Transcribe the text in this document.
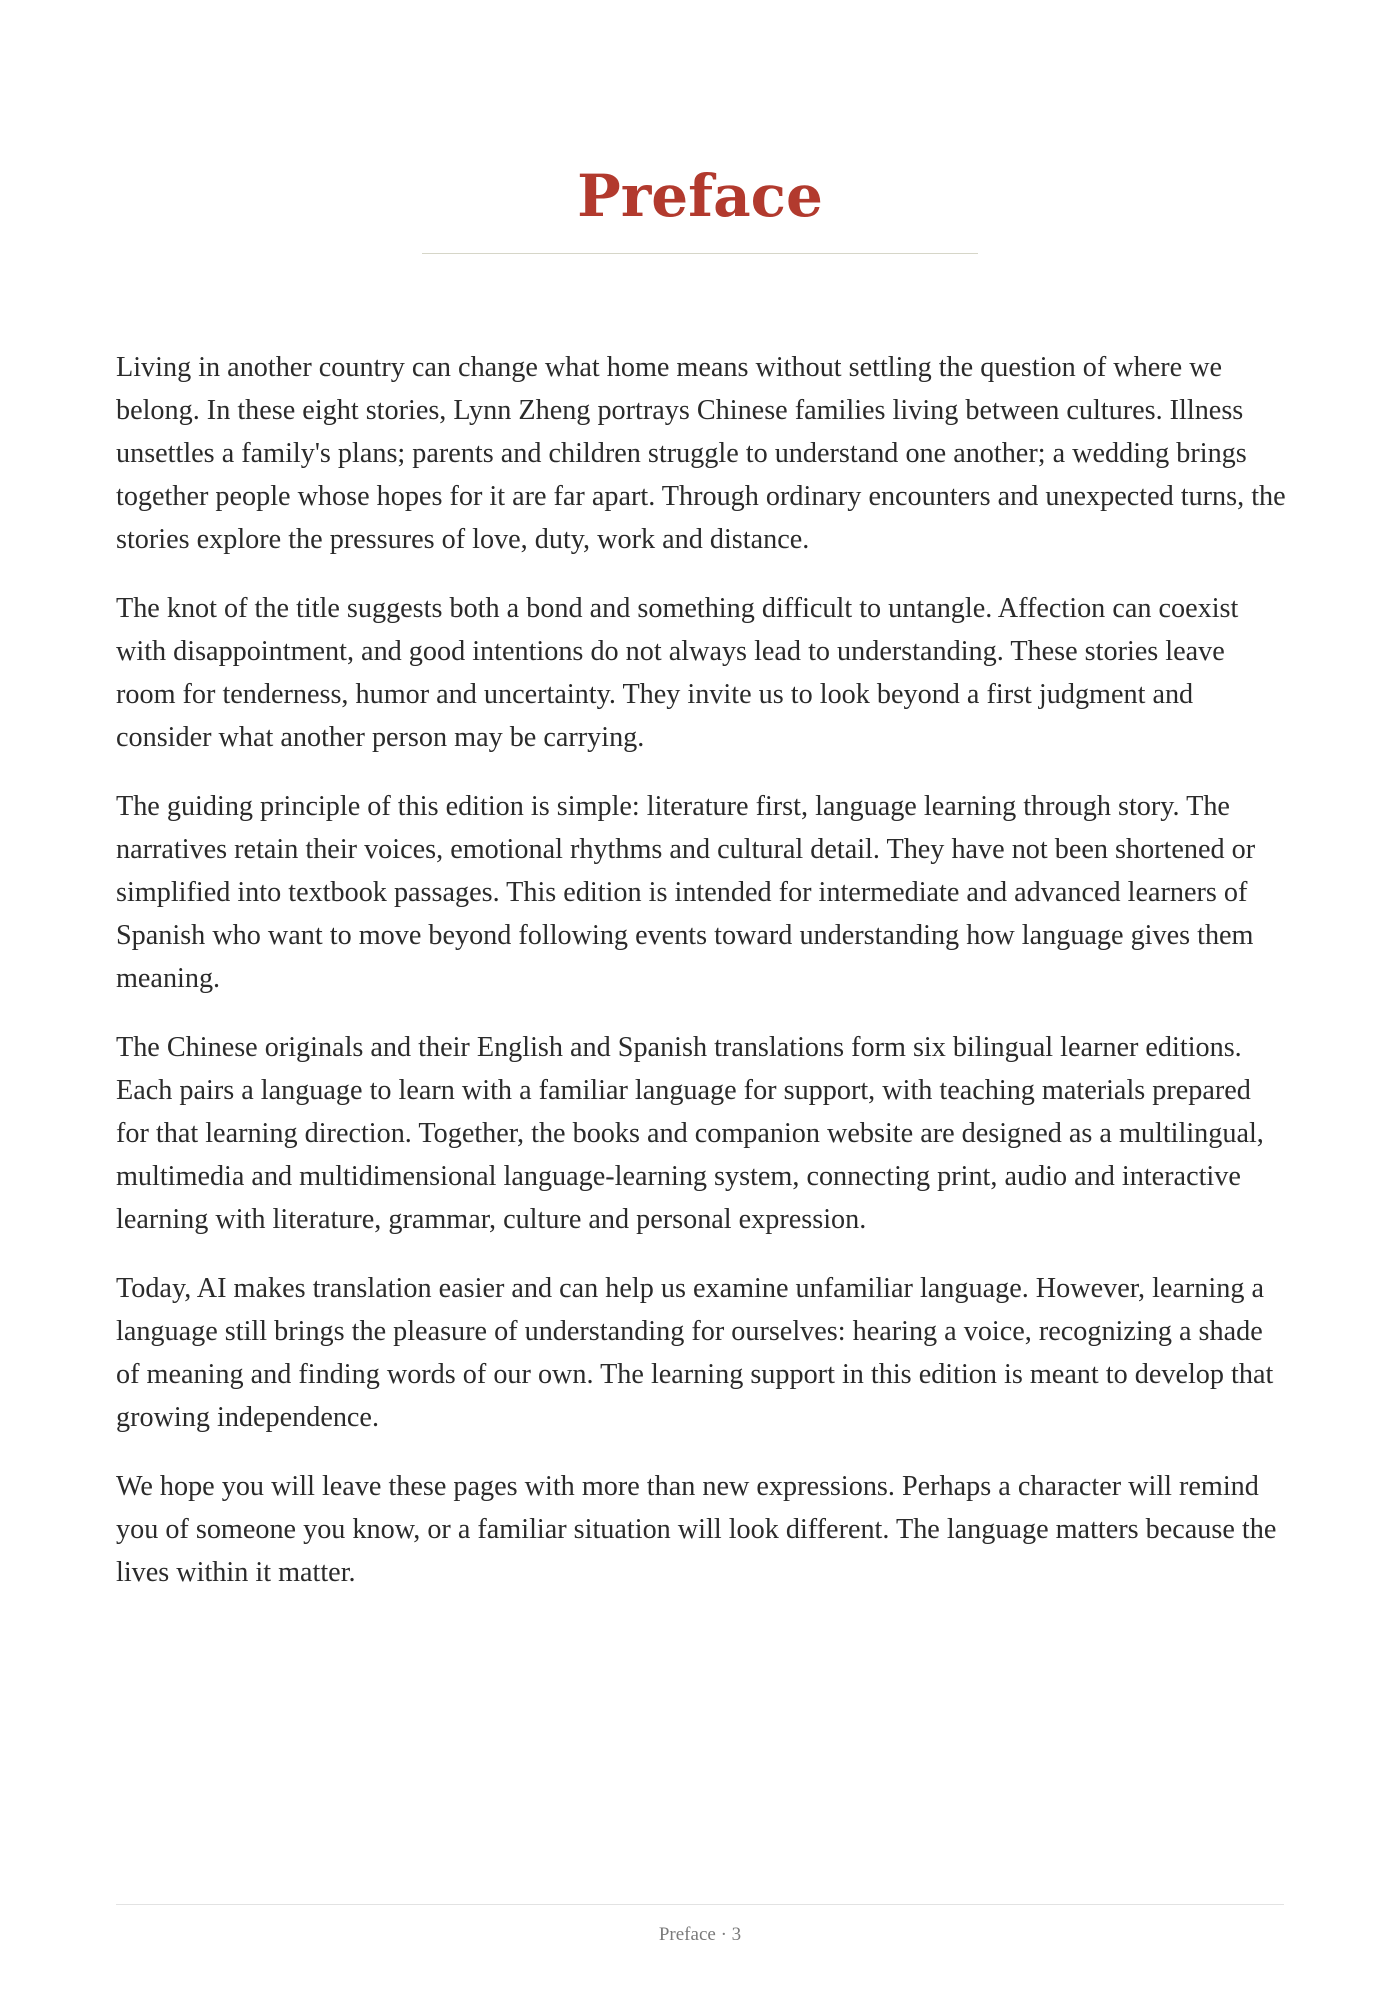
Preface

Living in another country can change what home means without settling the question of where we belong. In these eight stories, Lynn Zheng portrays Chinese families living between cultures. Illness unsettles a family's plans; parents and children struggle to understand one another; a wedding brings together people whose hopes for it are far apart. Through ordinary encounters and unexpected turns, the stories explore the pressures of love, duty, work and distance.

The knot of the title suggests both a bond and something difficult to untangle. Affection can coexist with disappointment, and good intentions do not always lead to understanding. These stories leave room for tenderness, humor and uncertainty. They invite us to look beyond a first judgment and consider what another person may be carrying.

The guiding principle of this edition is simple: literature first, language learning through story. The narratives retain their voices, emotional rhythms and cultural detail. They have not been shortened or simplified into textbook passages. This edition is intended for intermediate and advanced learners of Spanish who want to move beyond following events toward understanding how language gives them meaning.

The Chinese originals and their English and Spanish translations form six bilingual learner editions. Each pairs a language to learn with a familiar language for support, with teaching materials prepared for that learning direction. Together, the books and companion website are designed as a multilingual, multimedia and multidimensional language-learning system, connecting print, audio and interactive learning with literature, grammar, culture and personal expression.

Today, AI makes translation easier and can help us examine unfamiliar language. However, learning a language still brings the pleasure of understanding for ourselves: hearing a voice, recognizing a shade of meaning and finding words of our own. The learning support in this edition is meant to develop that growing independence.

We hope you will leave these pages with more than new expressions. Perhaps a character will remind you of someone you know, or a familiar situation will look different. The language matters because the lives within it matter.

Preface · 3
